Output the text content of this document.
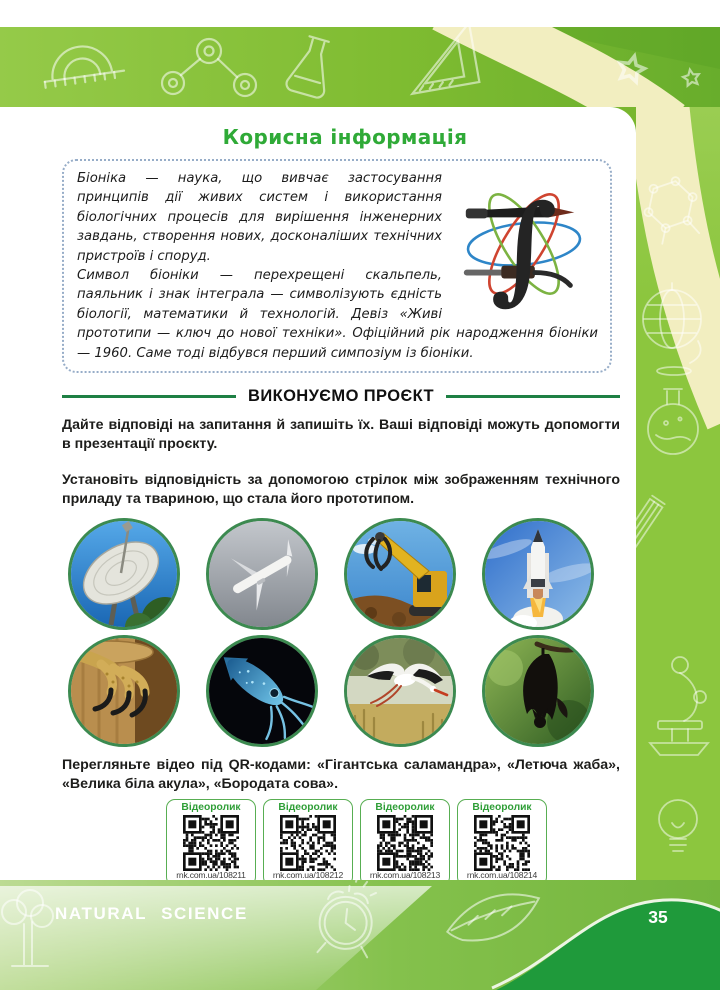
Корисна інформація
∫

Біоніка — наука, що вивчає застосування принципів дії живих систем і використання біологічних процесів для вирішення інженерних завдань, створення нових, досконаліших технічних пристроїв і споруд.

Символ біоніки — перехрещені скальпель, паяльник і знак інтеграла — символізують єдність біології, математики й технологій. Девіз «Живі прототипи — ключ до нової техніки». Офіційний рік народження біоніки — 1960. Саме тоді відбувся перший симпозіум із біоніки.

ВИКОНУЄМО ПРОЄКТ

Дайте відповіді на запитання й запишіть їх. Ваші відповіді можуть допомогти в презентації проєкту.

Установіть відповідність за допомогою стрілок між зображенням технічного приладу та твариною, що стала його прототипом.

Перегляньте відео під QR-кодами: «Гігантська саламандра», «Летюча жаба», «Велика біла акула», «Бородата сова».

Відеоролик
rnk.com.ua/108211
Відеоролик
rnk.com.ua/108212
Відеоролик
rnk.com.ua/108213
Відеоролик
rnk.com.ua/108214
NATURAL SCIENCE	35
